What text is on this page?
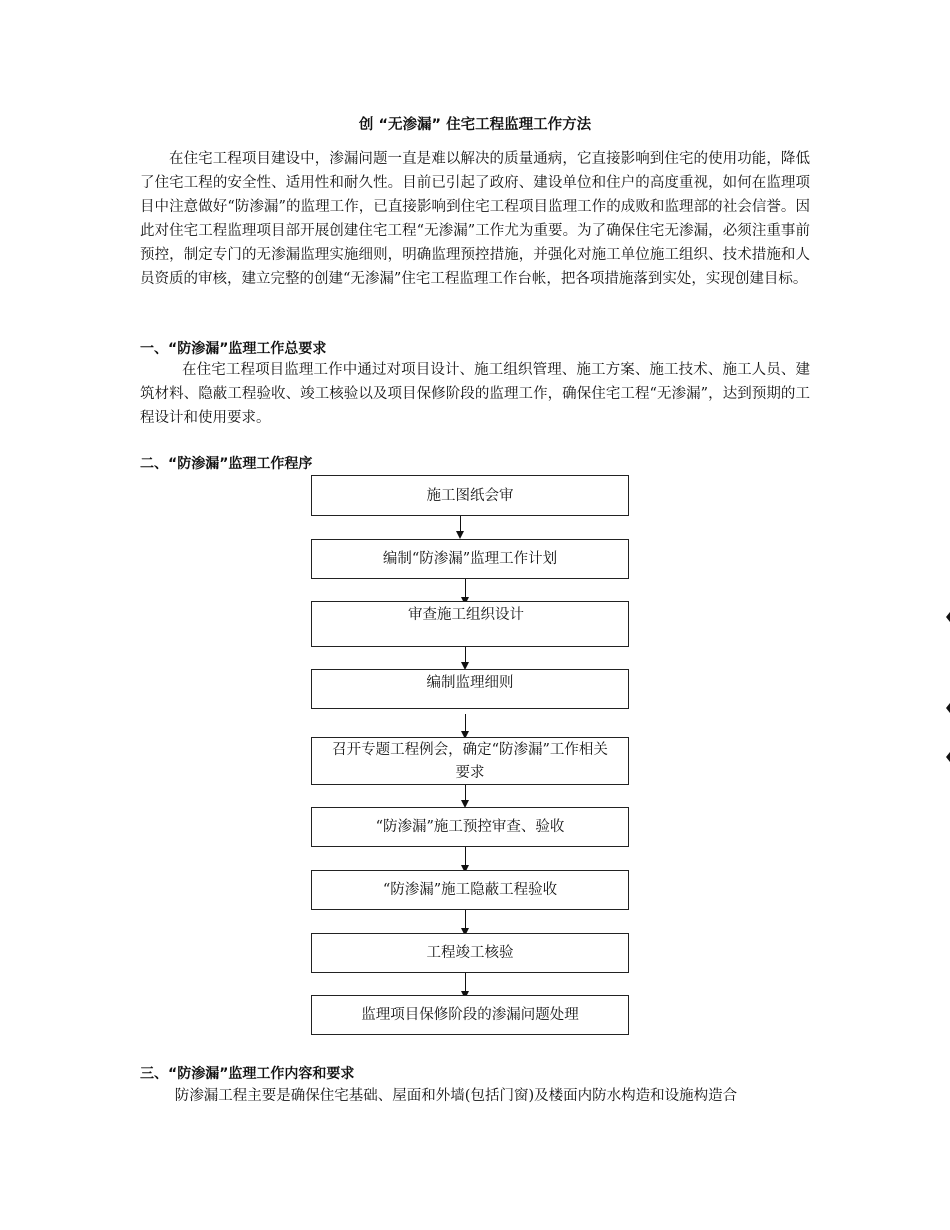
创 “无渗漏” 住宅工程监理工作方法
在住宅工程项目建设中，渗漏问题一直是难以解决的质量通病，它直接影响到住宅的使用功能，降低了住宅工程的安全性、适用性和耐久性。目前已引起了政府、建设单位和住户的高度重视，如何在监理项目中注意做好“防渗漏”的监理工作，已直接影响到住宅工程项目监理工作的成败和监理部的社会信誉。因此对住宅工程监理项目部开展创建住宅工程“无渗漏”工作尤为重要。为了确保住宅无渗漏，必须注重事前预控，制定专门的无渗漏监理实施细则，明确监理预控措施，并强化对施工单位施工组织、技术措施和人员资质的审核，建立完整的创建“无渗漏”住宅工程监理工作台帐，把各项措施落到实处，实现创建目标。
一、“防渗漏”监理工作总要求
在住宅工程项目监理工作中通过对项目设计、施工组织管理、施工方案、施工技术、施工人员、建筑材料、隐蔽工程验收、竣工核验以及项目保修阶段的监理工作，确保住宅工程“无渗漏”，达到预期的工程设计和使用要求。
二、“防渗漏”监理工作程序
施工图纸会审
编制“防渗漏”监理工作计划
审查施工组织设计
编制监理细则
召开专题工程例会，确定“防渗漏”工作相关要求
“防渗漏”施工预控审查、验收
“防渗漏”施工隐蔽工程验收
工程竣工核验
监理项目保修阶段的渗漏问题处理
三、“防渗漏”监理工作内容和要求
防渗漏工程主要是确保住宅基础、屋面和外墙(包括门窗)及楼面内防水构造和设施构造合
